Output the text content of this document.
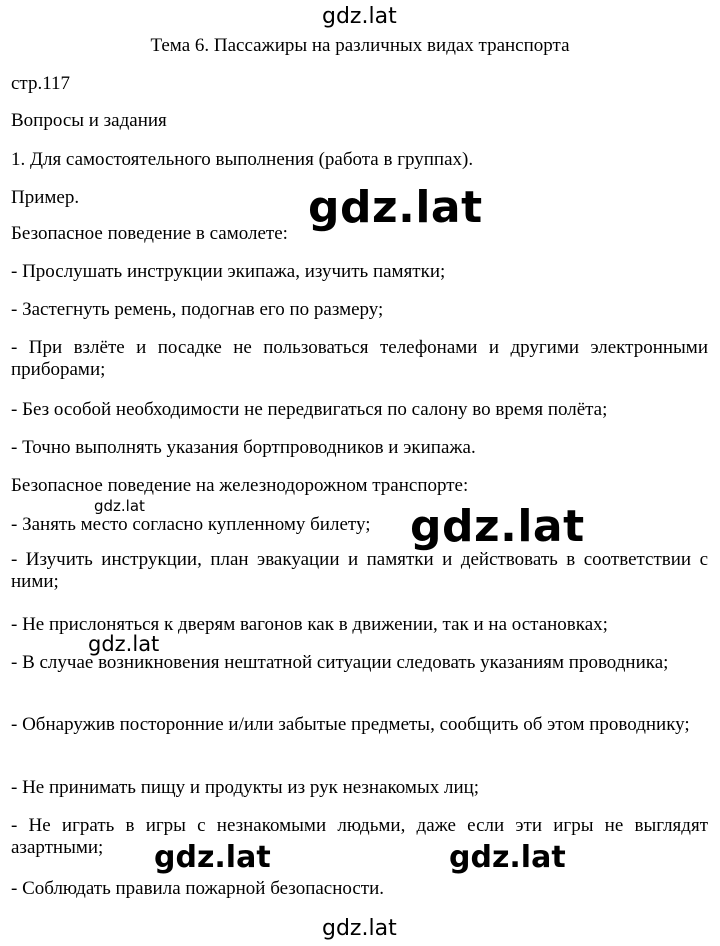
gdz.lat

Тема 6. Пассажиры на различных видах транспорта

стр.117

Вопросы и задания

1. Для самостоятельного выполнения (работа в группах).

Пример.

Безопасное поведение в самолете:

- Прослушать инструкции экипажа, изучить памятки;

- Застегнуть ремень, подогнав его по размеру;

- При взлёте и посадке не пользоваться телефонами и другими электронными приборами;

- Без особой необходимости не передвигаться по салону во время полёта;

- Точно выполнять указания бортпроводников и экипажа.

Безопасное поведение на железнодорожном транспорте:

- Занять место согласно купленному билету;

- Изучить инструкции, план эвакуации и памятки и действовать в соответствии с ними;

- Не прислоняться к дверям вагонов как в движении, так и на остановках;

- В случае возникновения нештатной ситуации следовать указаниям проводника;

- Обнаружив посторонние и/или забытые предметы, сообщить об этом проводнику;

- Не принимать пищу и продукты из рук незнакомых лиц;

- Не играть в игры с незнакомыми людьми, даже если эти игры не выглядят азартными;

- Соблюдать правила пожарной безопасности.

gdz.lat
gdz.lat	gdz.lat
gdz.lat
gdz.lat	gdz.lat
gdz.lat
